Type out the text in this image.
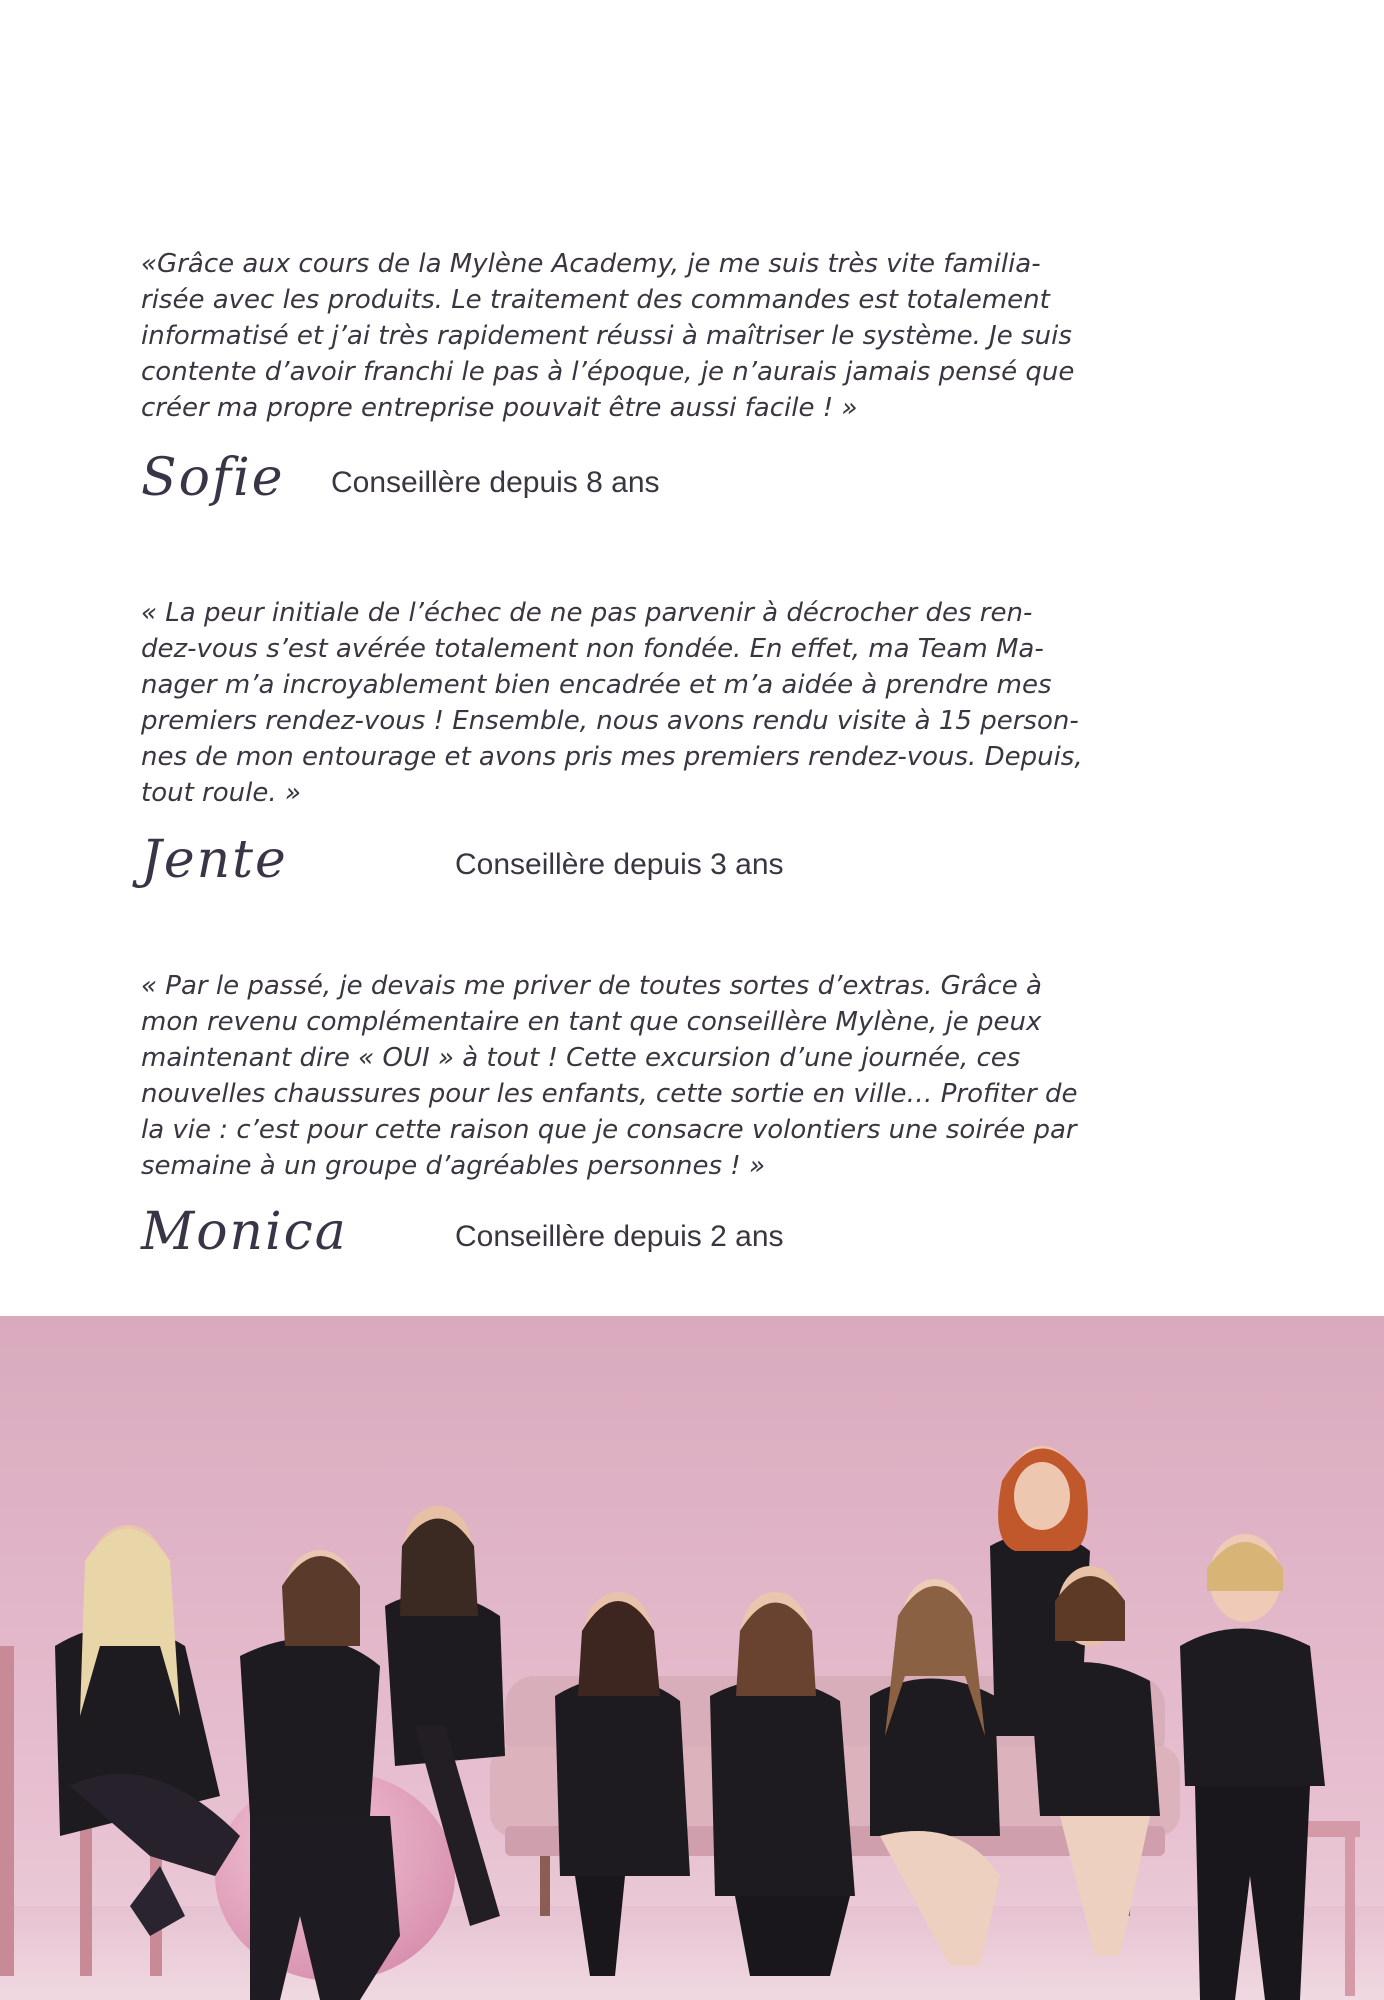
«Grâce aux cours de la Mylène Academy, je me suis très vite familia-
risée avec les produits. Le traitement des commandes est totalement
informatisé et j’ai très rapidement réussi à maîtriser le système. Je suis
contente d’avoir franchi le pas à l’époque, je n’aurais jamais pensé que
créer ma propre entreprise pouvait être aussi facile ! »

Sofie Conseillère depuis 8 ans

« La peur initiale de l’échec de ne pas parvenir à décrocher des ren-
dez-vous s’est avérée totalement non fondée. En effet, ma Team Ma-
nager m’a incroyablement bien encadrée et m’a aidée à prendre mes
premiers rendez-vous ! Ensemble, nous avons rendu visite à 15 person-
nes de mon entourage et avons pris mes premiers rendez-vous. Depuis,
tout roule. »

Jente	Conseillère depuis 3 ans

« Par le passé, je devais me priver de toutes sortes d’extras. Grâce à
mon revenu complémentaire en tant que conseillère Mylène, je peux
maintenant dire « OUI » à tout ! Cette excursion d’une journée, ces
nouvelles chaussures pour les enfants, cette sortie en ville… Profiter de
la vie : c’est pour cette raison que je consacre volontiers une soirée par
semaine à un groupe d’agréables personnes ! »

Monica	Conseillère depuis 2 ans
